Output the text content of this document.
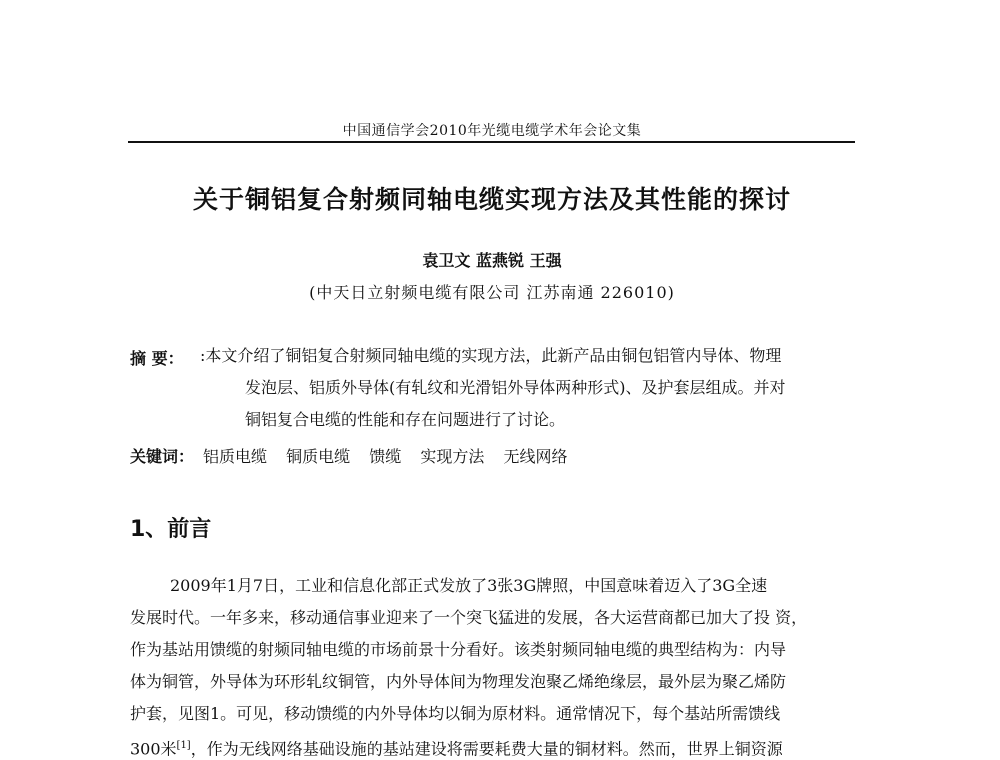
中国通信学会2010年光缆电缆学术年会论文集
关于铜铝复合射频同轴电缆实现方法及其性能的探讨
袁卫文 蓝燕锐 王强
(中天日立射频电缆有限公司 江苏南通 226010)
摘 要： :本文介绍了铜铝复合射频同轴电缆的实现方法，此新产品由铜包铝管内导体、物理
发泡层、铝质外导体(有轧纹和光滑铝外导体两种形式)、及护套层组成。并对
铜铝复合电缆的性能和存在问题进行了讨论。
关键词： 铝质电缆 铜质电缆 馈缆 实现方法 无线网络
1、前言
2009年1月7日，工业和信息化部正式发放了3张3G牌照，中国意味着迈入了3G全速
发展时代。一年多来，移动通信事业迎来了一个突飞猛进的发展，各大运营商都已加大了投 资，
作为基站用馈缆的射频同轴电缆的市场前景十分看好。该类射频同轴电缆的典型结构为：内导
体为铜管，外导体为环形轧纹铜管，内外导体间为物理发泡聚乙烯绝缘层，最外层为聚乙烯防
护套，见图1。可见，移动馈缆的内外导体均以铜为原材料。通常情况下，每个基站所需馈线
300米[1]，作为无线网络基础设施的基站建设将需要耗费大量的铜材料。然而，世界上铜资源
